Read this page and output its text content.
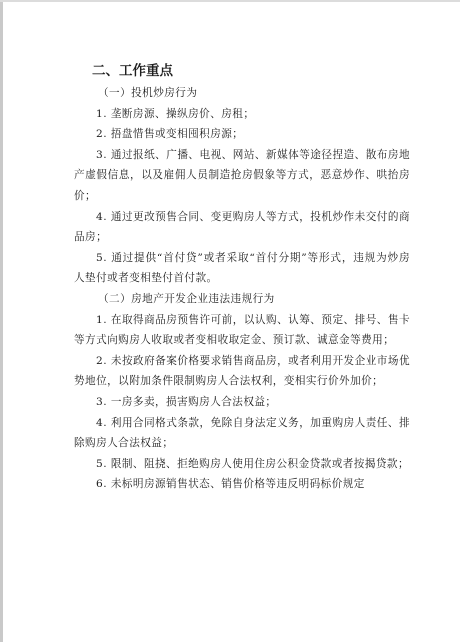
二、工作重点

（一）投机炒房行为

1. 垄断房源、操纵房价、房租；

2. 捂盘惜售或变相囤积房源；

3. 通过报纸、广播、电视、网站、新媒体等途径捏造、散布房地产虚假信息，以及雇佣人员制造抢房假象等方式，恶意炒作、哄抬房价；

4. 通过更改预售合同、变更购房人等方式，投机炒作未交付的商品房；

5. 通过提供“首付贷”或者采取“首付分期”等形式，违规为炒房人垫付或者变相垫付首付款。

（二）房地产开发企业违法违规行为

1. 在取得商品房预售许可前，以认购、认筹、预定、排号、售卡等方式向购房人收取或者变相收取定金、预订款、诚意金等费用；

2. 未按政府备案价格要求销售商品房，或者利用开发企业市场优势地位，以附加条件限制购房人合法权利，变相实行价外加价；

3. 一房多卖，损害购房人合法权益；

4. 利用合同格式条款，免除自身法定义务，加重购房人责任、排除购房人合法权益；

5. 限制、阻挠、拒绝购房人使用住房公积金贷款或者按揭贷款；

6. 未标明房源销售状态、销售价格等违反明码标价规定
